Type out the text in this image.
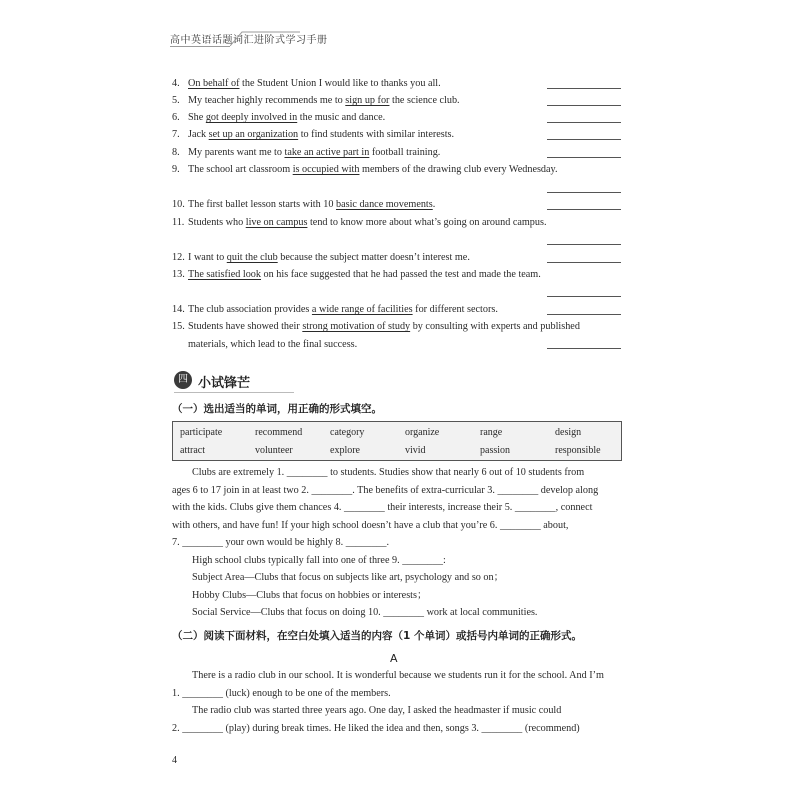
高中英语话题词汇进阶式学习手册
4. On behalf of the Student Union I would like to thanks you all.
5. My teacher highly recommends me to sign up for the science club.
6. She got deeply involved in the music and dance.
7. Jack set up an organization to find students with similar interests.
8. My parents want me to take an active part in football training.
9. The school art classroom is occupied with members of the drawing club every Wednesday.
10. The first ballet lesson starts with 10 basic dance movements.
11. Students who live on campus tend to know more about what’s going on around campus.
12. I want to quit the club because the subject matter doesn’t interest me.
13. The satisfied look on his face suggested that he had passed the test and made the team.
14. The club association provides a wide range of facilities for different sectors.
15. Students have showed their strong motivation of study by consulting with experts and published
materials, which lead to the final success.
四 小试锋芒
（一）选出适当的单词，用正确的形式填空。
participate	recommend	category	organize	range	design
attract	volunteer	explore	vivid	passion	responsible
Clubs are extremely 1. ________ to students. Studies show that nearly 6 out of 10 students from
ages 6 to 17 join in at least two 2. ________. The benefits of extra-curricular 3. ________ develop along
with the kids. Clubs give them chances 4. ________ their interests, increase their 5. ________, connect
with others, and have fun! If your high school doesn’t have a club that you’re 6. ________ about,
7. ________ your own would be highly 8. ________.
High school clubs typically fall into one of three 9. ________:
Subject Area—Clubs that focus on subjects like art, psychology and so on；
Hobby Clubs—Clubs that focus on hobbies or interests；
Social Service—Clubs that focus on doing 10. ________ work at local communities.
（二）阅读下面材料，在空白处填入适当的内容（1 个单词）或括号内单词的正确形式。
A
There is a radio club in our school. It is wonderful because we students run it for the school. And I’m
1. ________ (luck) enough to be one of the members.
The radio club was started three years ago. One day, I asked the headmaster if music could
2. ________ (play) during break times. He liked the idea and then, songs 3. ________ (recommend)
4
